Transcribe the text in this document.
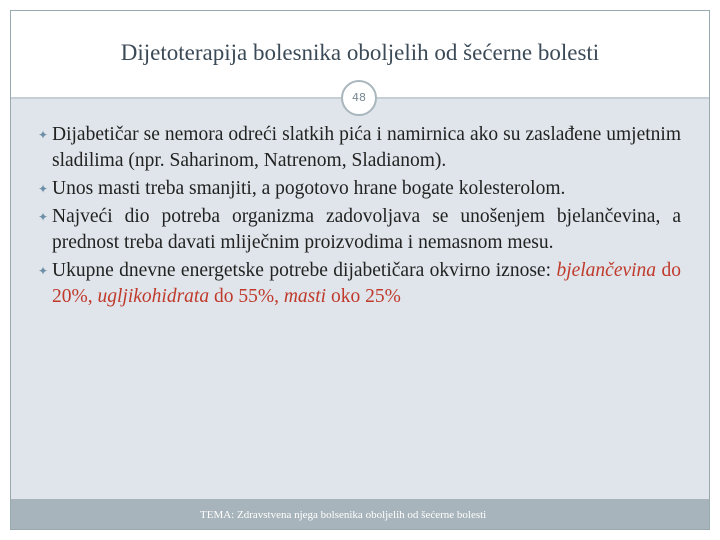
Dijetoterapija bolesnika oboljelih od šećerne bolesti
48
✦ Dijabetičar se nemora odreći slatkih pića i namirnica ako su zaslađene umjetnim sladilima (npr. Saharinom, Natrenom, Sladianom).
✦ Unos masti treba smanjiti, a pogotovo hrane bogate kolesterolom.
✦ Najveći dio potreba organizma zadovoljava se unošenjem bjelančevina, a prednost treba davati mliječnim proizvodima i nemasnom mesu.
✦ Ukupne dnevne energetske potrebe dijabetičara okvirno iznose: bjelančevina do 20%, ugljikohidrata do 55%, masti oko 25%
TEMA: Zdravstvena njega bolsenika oboljelih od šećerne bolesti
